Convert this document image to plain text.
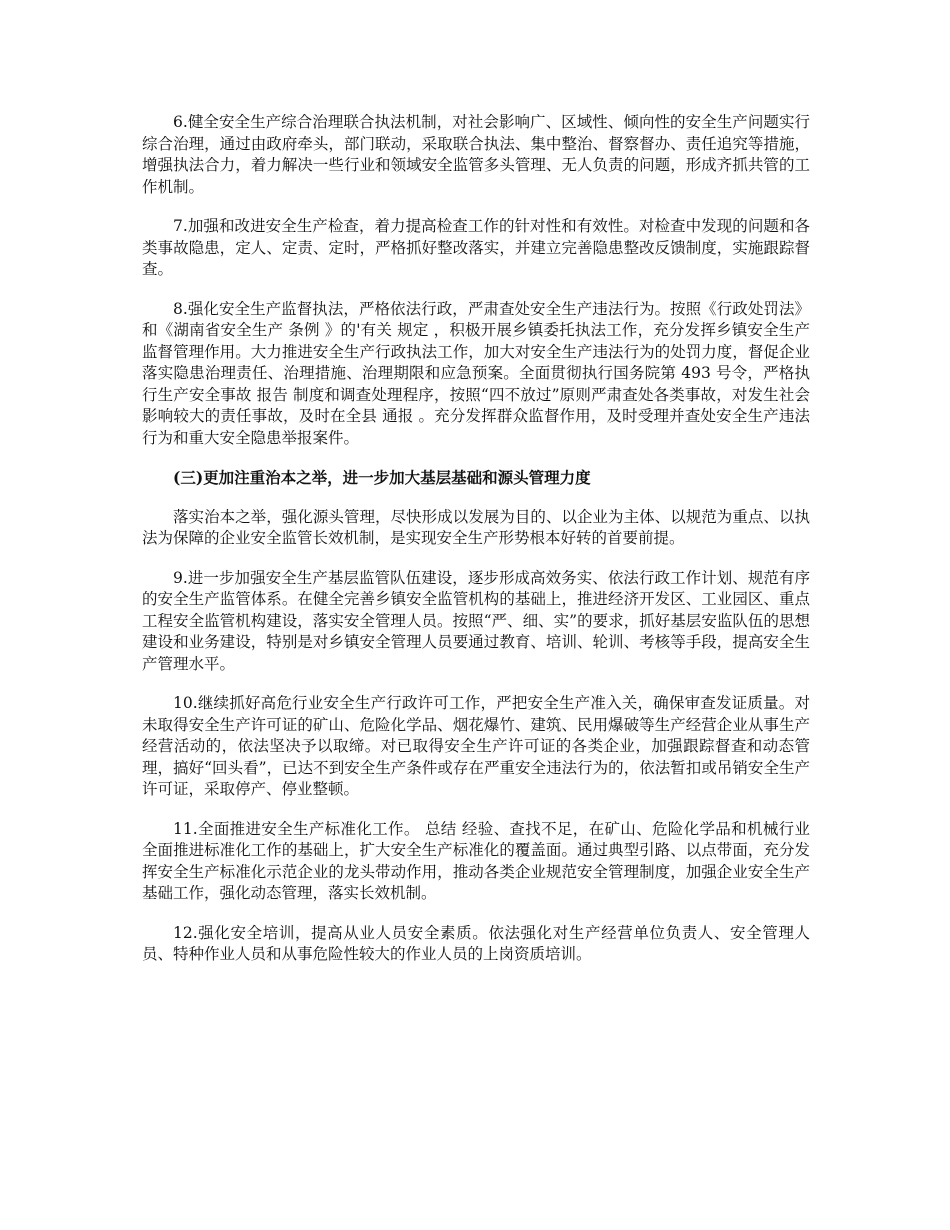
6.健全安全生产综合治理联合执法机制，对社会影响广、区域性、倾向性的安全生产问题实行综合治理，通过由政府牵头，部门联动，采取联合执法、集中整治、督察督办、责任追究等措施，增强执法合力，着力解决一些行业和领域安全监管多头管理、无人负责的问题，形成齐抓共管的工作机制。

7.加强和改进安全生产检查，着力提高检查工作的针对性和有效性。对检查中发现的问题和各类事故隐患，定人、定责、定时，严格抓好整改落实，并建立完善隐患整改反馈制度，实施跟踪督查。

8.强化安全生产监督执法，严格依法行政，严肃查处安全生产违法行为。按照《行政处罚法》和《湖南省安全生产 条例 》的'有关 规定 ，积极开展乡镇委托执法工作，充分发挥乡镇安全生产监督管理作用。大力推进安全生产行政执法工作，加大对安全生产违法行为的处罚力度，督促企业落实隐患治理责任、治理措施、治理期限和应急预案。全面贯彻执行国务院第 493 号令，严格执行生产安全事故 报告 制度和调查处理程序，按照“四不放过”原则严肃查处各类事故，对发生社会影响较大的责任事故，及时在全县 通报 。充分发挥群众监督作用，及时受理并查处安全生产违法行为和重大安全隐患举报案件。

(三)更加注重治本之举，进一步加大基层基础和源头管理力度

落实治本之举，强化源头管理，尽快形成以发展为目的、以企业为主体、以规范为重点、以执法为保障的企业安全监管长效机制，是实现安全生产形势根本好转的首要前提。

9.进一步加强安全生产基层监管队伍建设，逐步形成高效务实、依法行政工作计划、规范有序的安全生产监管体系。在健全完善乡镇安全监管机构的基础上，推进经济开发区、工业园区、重点工程安全监管机构建设，落实安全管理人员。按照“严、细、实”的要求，抓好基层安监队伍的思想建设和业务建设，特别是对乡镇安全管理人员要通过教育、培训、轮训、考核等手段，提高安全生产管理水平。

10.继续抓好高危行业安全生产行政许可工作，严把安全生产准入关，确保审查发证质量。对未取得安全生产许可证的矿山、危险化学品、烟花爆竹、建筑、民用爆破等生产经营企业从事生产经营活动的，依法坚决予以取缔。对已取得安全生产许可证的各类企业，加强跟踪督查和动态管理，搞好“回头看”，已达不到安全生产条件或存在严重安全违法行为的，依法暂扣或吊销安全生产许可证，采取停产、停业整顿。

11.全面推进安全生产标准化工作。 总结 经验、查找不足，在矿山、危险化学品和机械行业全面推进标准化工作的基础上，扩大安全生产标准化的覆盖面。通过典型引路、以点带面，充分发挥安全生产标准化示范企业的龙头带动作用，推动各类企业规范安全管理制度，加强企业安全生产基础工作，强化动态管理，落实长效机制。

12.强化安全培训，提高从业人员安全素质。依法强化对生产经营单位负责人、安全管理人员、特种作业人员和从事危险性较大的作业人员的上岗资质培训。
